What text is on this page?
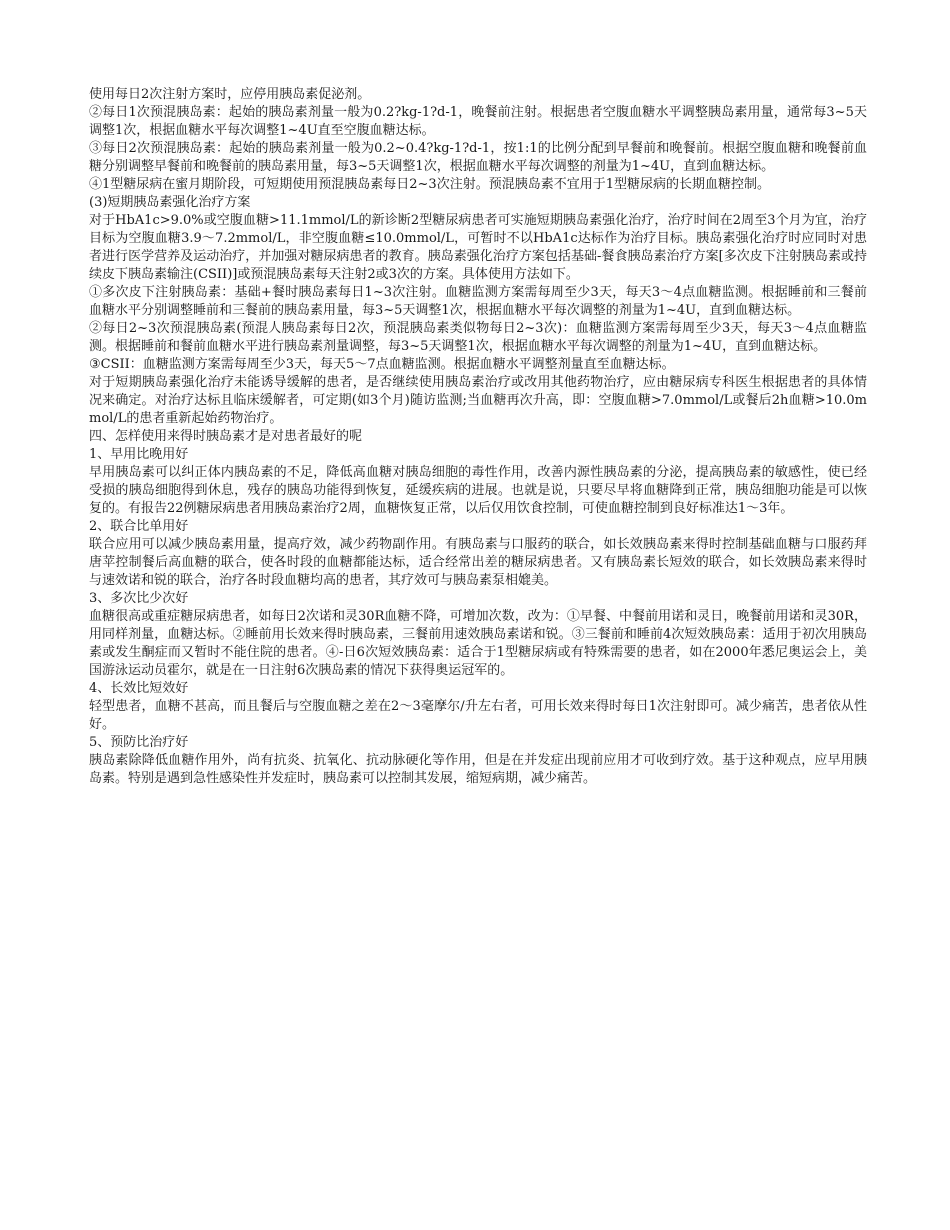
使用每日2次注射方案时，应停用胰岛素促泌剂。

②每日1次预混胰岛素：起始的胰岛素剂量一般为0.2?kg-1?d-1，晚餐前注射。根据患者空腹血糖水平调整胰岛素用量，通常每3~5天调整1次，根据血糖水平每次调整1~4U直至空腹血糖达标。

③每日2次预混胰岛素：起始的胰岛素剂量一般为0.2~0.4?kg-1?d-1，按1:1的比例分配到早餐前和晚餐前。根据空腹血糖和晚餐前血糖分别调整早餐前和晚餐前的胰岛素用量，每3~5天调整1次，根据血糖水平每次调整的剂量为1~4U，直到血糖达标。

④1型糖尿病在蜜月期阶段，可短期使用预混胰岛素每日2~3次注射。预混胰岛素不宜用于1型糖尿病的长期血糖控制。

(3)短期胰岛素强化治疗方案

对于HbA1c>9.0%或空腹血糖>11.1mmol/L的新诊断2型糖尿病患者可实施短期胰岛素强化治疗，治疗时间在2周至3个月为宜，治疗目标为空腹血糖3.9～7.2mmol/L，非空腹血糖≤10.0mmol/L，可暂时不以HbA1c达标作为治疗目标。胰岛素强化治疗时应同时对患者进行医学营养及运动治疗，并加强对糖尿病患者的教育。胰岛素强化治疗方案包括基础-餐食胰岛素治疗方案[多次皮下注射胰岛素或持续皮下胰岛素输注(CSII)]或预混胰岛素每天注射2或3次的方案。具体使用方法如下。

①多次皮下注射胰岛素：基础+餐时胰岛素每日1~3次注射。血糖监测方案需每周至少3天，每天3～4点血糖监测。根据睡前和三餐前血糖水平分别调整睡前和三餐前的胰岛素用量，每3~5天调整1次，根据血糖水平每次调整的剂量为1~4U，直到血糖达标。

②每日2~3次预混胰岛素(预混人胰岛素每日2次，预混胰岛素类似物每日2~3次)：血糖监测方案需每周至少3天，每天3～4点血糖监测。根据睡前和餐前血糖水平进行胰岛素剂量调整，每3~5天调整1次，根据血糖水平每次调整的剂量为1~4U，直到血糖达标。

③CSII：血糖监测方案需每周至少3天，每天5～7点血糖监测。根据血糖水平调整剂量直至血糖达标。

对于短期胰岛素强化治疗未能诱导缓解的患者，是否继续使用胰岛素治疗或改用其他药物治疗，应由糖尿病专科医生根据患者的具体情况来确定。对治疗达标且临床缓解者，可定期(如3个月)随访监测;当血糖再次升高，即：空腹血糖>7.0mmol/L或餐后2h血糖>10.0mmol/L的患者重新起始药物治疗。

四、怎样使用来得时胰岛素才是对患者最好的呢

1、早用比晚用好

早用胰岛素可以纠正体内胰岛素的不足，降低高血糖对胰岛细胞的毒性作用，改善内源性胰岛素的分泌，提高胰岛素的敏感性，使已经受损的胰岛细胞得到休息，残存的胰岛功能得到恢复，延缓疾病的进展。也就是说，只要尽早将血糖降到正常，胰岛细胞功能是可以恢复的。有报告22例糖尿病患者用胰岛素治疗2周，血糖恢复正常，以后仅用饮食控制，可使血糖控制到良好标准达1～3年。

2、联合比单用好

联合应用可以减少胰岛素用量，提高疗效，减少药物副作用。有胰岛素与口服药的联合，如长效胰岛素来得时控制基础血糖与口服药拜唐苹控制餐后高血糖的联合，使各时段的血糖都能达标，适合经常出差的糖尿病患者。又有胰岛素长短效的联合，如长效胰岛素来得时与速效诺和锐的联合，治疗各时段血糖均高的患者，其疗效可与胰岛素泵相媲美。

3、多次比少次好

血糖很高或重症糖尿病患者，如每日2次诺和灵30R血糖不降，可增加次数，改为：①早餐、中餐前用诺和灵日，晚餐前用诺和灵30R，用同样剂量，血糖达标。②睡前用长效来得时胰岛素，三餐前用速效胰岛素诺和锐。③三餐前和睡前4次短效胰岛素：适用于初次用胰岛素或发生酮症而又暂时不能住院的患者。④-日6次短效胰岛素：适合于1型糖尿病或有特殊需要的患者，如在2000年悉尼奥运会上，美国游泳运动员霍尔，就是在一日注射6次胰岛素的情况下获得奥运冠军的。

4、长效比短效好

轻型患者，血糖不甚高，而且餐后与空腹血糖之差在2～3毫摩尔/升左右者，可用长效来得时每日1次注射即可。减少痛苦，患者依从性好。

5、预防比治疗好

胰岛素除降低血糖作用外，尚有抗炎、抗氧化、抗动脉硬化等作用，但是在并发症出现前应用才可收到疗效。基于这种观点，应早用胰岛素。特别是遇到急性感染性并发症时，胰岛素可以控制其发展，缩短病期，减少痛苦。
